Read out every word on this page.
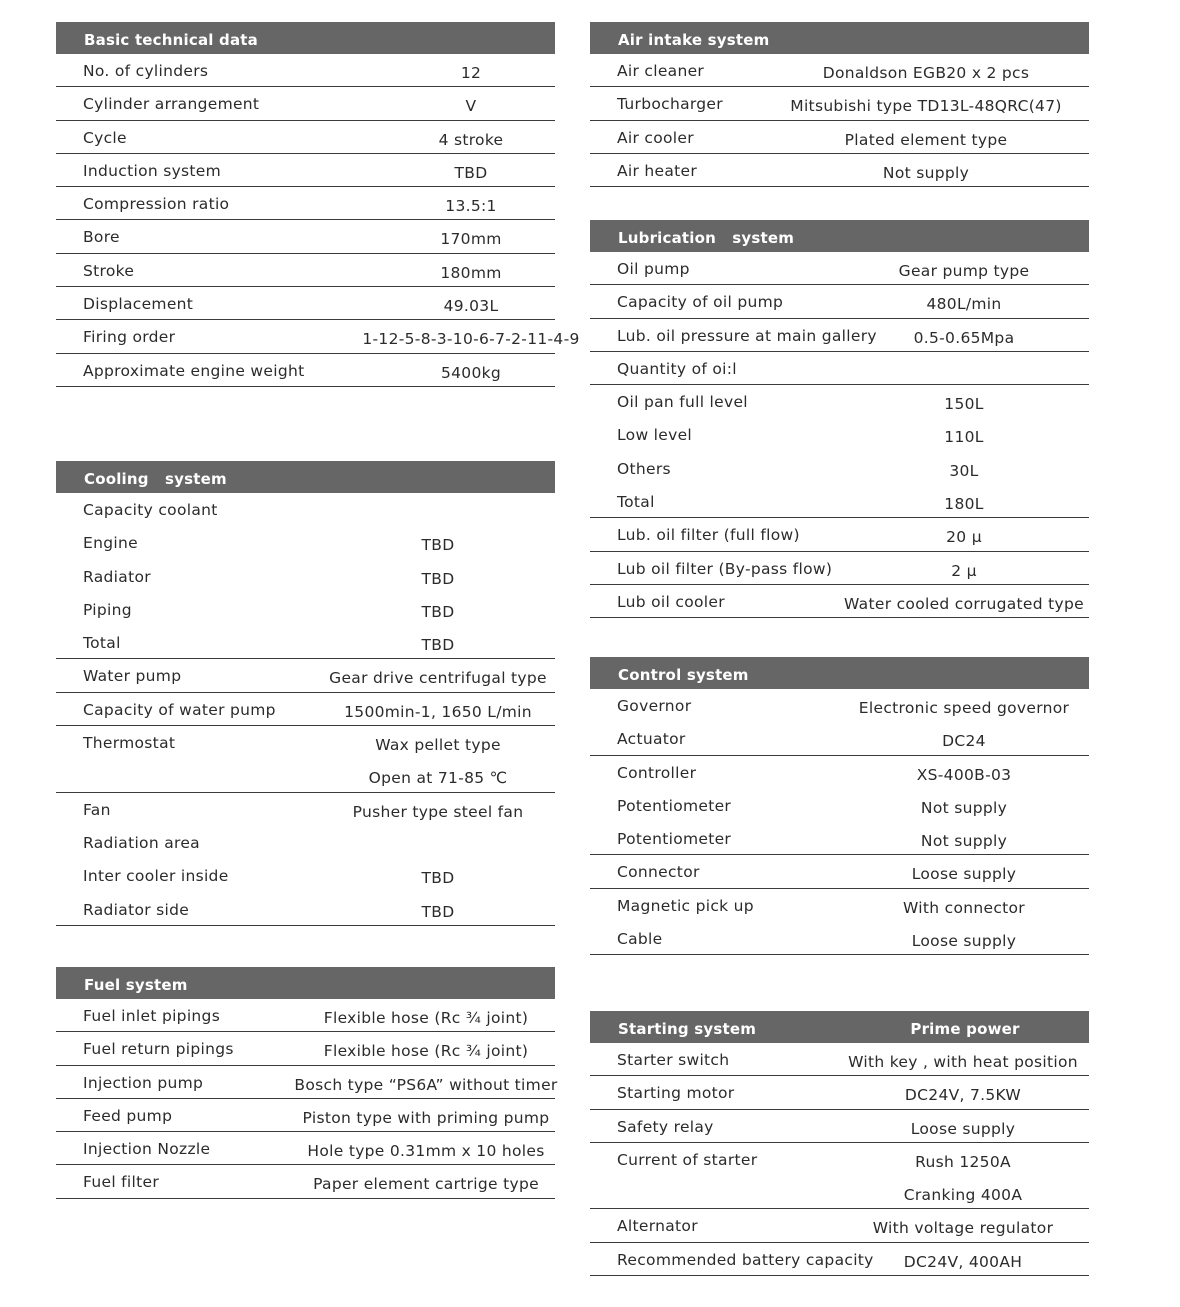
Basic technical data
No. of cylinders	12
Cylinder arrangement	V
Cycle	4 stroke
Induction system	TBD
Compression ratio	13.5:1
Bore	170mm
Stroke	180mm
Displacement	49.03L
Firing order	1-12-5-8-3-10-6-7-2-11-4-9
Approximate engine weight	5400kg
Cooling   system
Capacity coolant
Engine	TBD
Radiator	TBD
Piping	TBD
Total	TBD
Water pump	Gear drive centrifugal type
Capacity of water pump	1500min-1, 1650 L/min
Thermostat	Wax pellet type
Open at 71-85 ℃
Fan	Pusher type steel fan
Radiation area
Inter cooler inside	TBD
Radiator side	TBD
Fuel system
Fuel inlet pipings	Flexible hose (Rc ¾ joint)
Fuel return pipings	Flexible hose (Rc ¾ joint)
Injection pump	Bosch type “PS6A” without timer
Feed pump	Piston type with priming pump
Injection Nozzle	Hole type 0.31mm x 10 holes
Fuel filter	Paper element cartrige type
Air intake system
Air cleaner	Donaldson EGB20 x 2 pcs
Turbocharger	Mitsubishi type TD13L-48QRC(47)
Air cooler	Plated element type
Air heater	Not supply
Lubrication   system
Oil pump	Gear pump type
Capacity of oil pump	480L/min
Lub. oil pressure at main gallery	0.5-0.65Mpa
Quantity of oi:l
Oil pan full level	150L
Low level	110L
Others	30L
Total	180L
Lub. oil filter (full flow)	20 μ
Lub oil filter (By-pass flow)	2 μ
Lub oil cooler	Water cooled corrugated type
Control system
Governor	Electronic speed governor
Actuator	DC24
Controller	XS-400B-03
Potentiometer	Not supply
Potentiometer	Not supply
Connector	Loose supply
Magnetic pick up	With connector
Cable	Loose supply
Starting system	Prime power
Starter switch	With key , with heat position
Starting motor	DC24V, 7.5KW
Safety relay	Loose supply
Current of starter	Rush 1250A
Cranking 400A
Alternator	With voltage regulator
Recommended battery capacity	DC24V, 400AH
